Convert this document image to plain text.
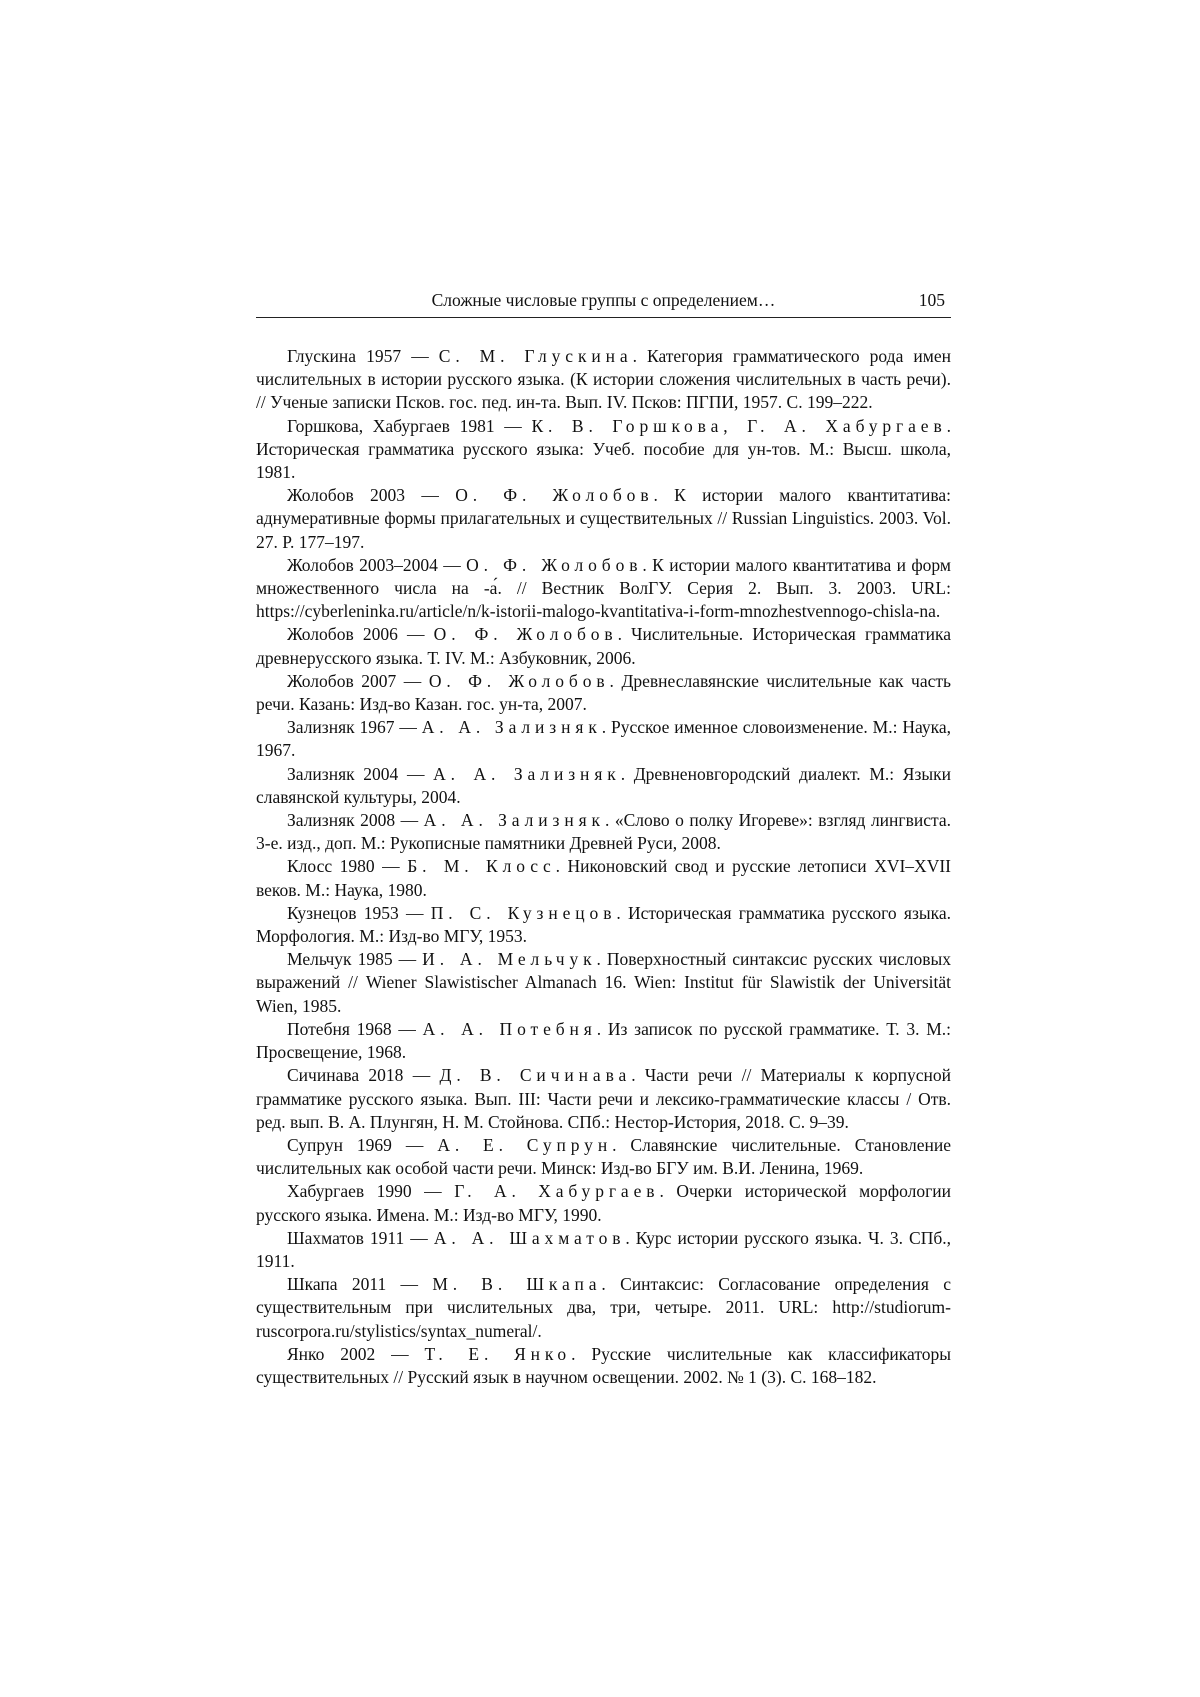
Сложные числовые группы с определением…	105

Глускина 1957 — С. М. Глускина. Категория грамматического рода имен числительных в истории русского языка. (К истории сложения числительных в часть речи). // Ученые записки Псков. гос. пед. ин-та. Вып. IV. Псков: ПГПИ, 1957. С. 199–222.

Горшкова, Хабургаев 1981 — К. В. Горшкова, Г. А. Хабургаев. Историческая грамматика русского языка: Учеб. пособие для ун-тов. М.: Высш. школа, 1981.

Жолобов 2003 — О. Ф. Жолобов. К истории малого квантитатива: аднумеративные формы прилагательных и существительных // Russian Linguistics. 2003. Vol. 27. P. 177–197.

Жолобов 2003–2004 — О. Ф. Жолобов. К истории малого квантитатива и форм множественного числа на -а́. // Вестник ВолГУ. Серия 2. Вып. 3. 2003. URL: https://cyberleninka.ru/article/n/k-istorii-malogo-kvantitativa-i-form-mnozhestvennogo-chisla-na.

Жолобов 2006 — О. Ф. Жолобов. Числительные. Историческая грамматика древнерусского языка. Т. IV. М.: Азбуковник, 2006.

Жолобов 2007 — О. Ф. Жолобов. Древнеславянские числительные как часть речи. Казань: Изд-во Казан. гос. ун-та, 2007.

Зализняк 1967 — А. А. Зализняк. Русское именное словоизменение. М.: Наука, 1967.

Зализняк 2004 — А. А. Зализняк. Древненовгородский диалект. М.: Языки славянской культуры, 2004.

Зализняк 2008 — А. А. Зализняк. «Слово о полку Игореве»: взгляд лингвиста. 3-е. изд., доп. М.: Рукописные памятники Древней Руси, 2008.

Клосс 1980 — Б. М. Клосс. Никоновский свод и русские летописи XVI–XVII веков. М.: Наука, 1980.

Кузнецов 1953 — П. С. Кузнецов. Историческая грамматика русского языка. Морфология. М.: Изд-во МГУ, 1953.

Мельчук 1985 — И. А. Мельчук. Поверхностный синтаксис русских числовых выражений // Wiener Slawistischer Almanach 16. Wien: Institut für Slawistik der Universität Wien, 1985.

Потебня 1968 — А. А. Потебня. Из записок по русской грамматике. Т. 3. М.: Просвещение, 1968.

Сичинава 2018 — Д. В. Сичинава. Части речи // Материалы к корпусной грамматике русского языка. Вып. III: Части речи и лексико-грамматические классы / Отв. ред. вып. В. А. Плунгян, Н. М. Стойнова. СПб.: Нестор-История, 2018. С. 9–39.

Супрун 1969 — А. Е. Супрун. Славянские числительные. Становление числительных как особой части речи. Минск: Изд-во БГУ им. В.И. Ленина, 1969.

Хабургаев 1990 — Г. А. Хабургаев. Очерки исторической морфологии русского языка. Имена. М.: Изд-во МГУ, 1990.

Шахматов 1911 — А. А. Шахматов. Курс истории русского языка. Ч. 3. СПб., 1911.

Шкапа 2011 — М. В. Шкапа. Синтаксис: Согласование определения с существительным при числительных два, три, четыре. 2011. URL: http://studiorum-ruscorpora.ru/stylistics/syntax_numeral/.

Янко 2002 — Т. Е. Янко. Русские числительные как классификаторы существительных // Русский язык в научном освещении. 2002. № 1 (3). С. 168–182.
